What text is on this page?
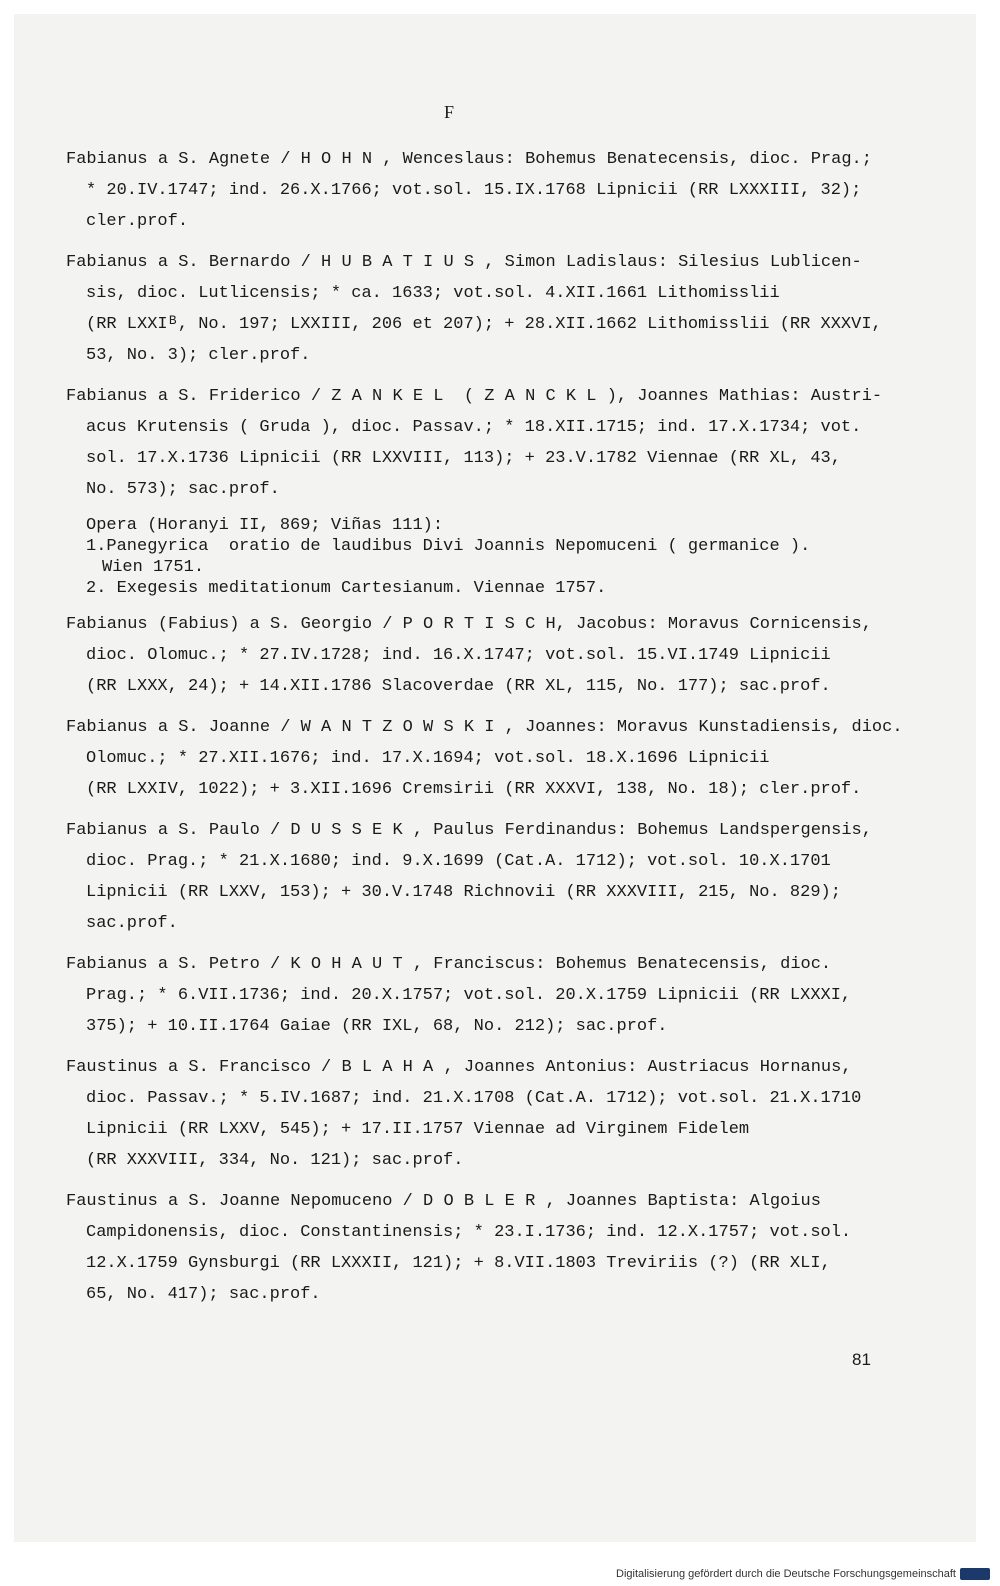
F
Fabianus a S. Agnete / H O H N , Wenceslaus: Bohemus Benatecensis, dioc. Prag.;
* 20.IV.1747; ind. 26.X.1766; vot.sol. 15.IX.1768 Lipnicii (RR LXXXIII, 32);
cler.prof.
Fabianus a S. Bernardo / H U B A T I U S , Simon Ladislaus: Silesius Lublicen-
sis, dioc. Lutlicensis; * ca. 1633; vot.sol. 4.XII.1661 Lithomisslii
(RR LXXIᴮ, No. 197; LXXIII, 206 et 207); + 28.XII.1662 Lithomisslii (RR XXXVI,
53, No. 3); cler.prof.
Fabianus a S. Friderico / Z A N K E L  ( Z A N C K L ), Joannes Mathias: Austri-
acus Krutensis ( Gruda ), dioc. Passav.; * 18.XII.1715; ind. 17.X.1734; vot.
sol. 17.X.1736 Lipnicii (RR LXXVIII, 113); + 23.V.1782 Viennae (RR XL, 43,
No. 573); sac.prof.
Opera (Horanyi II, 869; Viñas 111):
1.Panegyrica  oratio de laudibus Divi Joannis Nepomuceni ( germanice ).
Wien 1751.
2. Exegesis meditationum Cartesianum. Viennae 1757.
Fabianus (Fabius) a S. Georgio / P O R T I S C H, Jacobus: Moravus Cornicensis,
dioc. Olomuc.; * 27.IV.1728; ind. 16.X.1747; vot.sol. 15.VI.1749 Lipnicii
(RR LXXX, 24); + 14.XII.1786 Slacoverdae (RR XL, 115, No. 177); sac.prof.
Fabianus a S. Joanne / W A N T Z O W S K I , Joannes: Moravus Kunstadiensis, dioc.
Olomuc.; * 27.XII.1676; ind. 17.X.1694; vot.sol. 18.X.1696 Lipnicii
(RR LXXIV, 1022); + 3.XII.1696 Cremsirii (RR XXXVI, 138, No. 18); cler.prof.
Fabianus a S. Paulo / D U S S E K , Paulus Ferdinandus: Bohemus Landspergensis,
dioc. Prag.; * 21.X.1680; ind. 9.X.1699 (Cat.A. 1712); vot.sol. 10.X.1701
Lipnicii (RR LXXV, 153); + 30.V.1748 Richnovii (RR XXXVIII, 215, No. 829);
sac.prof.
Fabianus a S. Petro / K O H A U T , Franciscus: Bohemus Benatecensis, dioc.
Prag.; * 6.VII.1736; ind. 20.X.1757; vot.sol. 20.X.1759 Lipnicii (RR LXXXI,
375); + 10.II.1764 Gaiae (RR IXL, 68, No. 212); sac.prof.
Faustinus a S. Francisco / B L A H A , Joannes Antonius: Austriacus Hornanus,
dioc. Passav.; * 5.IV.1687; ind. 21.X.1708 (Cat.A. 1712); vot.sol. 21.X.1710
Lipnicii (RR LXXV, 545); + 17.II.1757 Viennae ad Virginem Fidelem
(RR XXXVIII, 334, No. 121); sac.prof.
Faustinus a S. Joanne Nepomuceno / D O B L E R , Joannes Baptista: Algoius
Campidonensis, dioc. Constantinensis; * 23.I.1736; ind. 12.X.1757; vot.sol.
12.X.1759 Gynsburgi (RR LXXXII, 121); + 8.VII.1803 Treviriis (?) (RR XLI,
65, No. 417); sac.prof.
81
Digitalisierung gefördert durch die Deutsche Forschungsgemeinschaft
